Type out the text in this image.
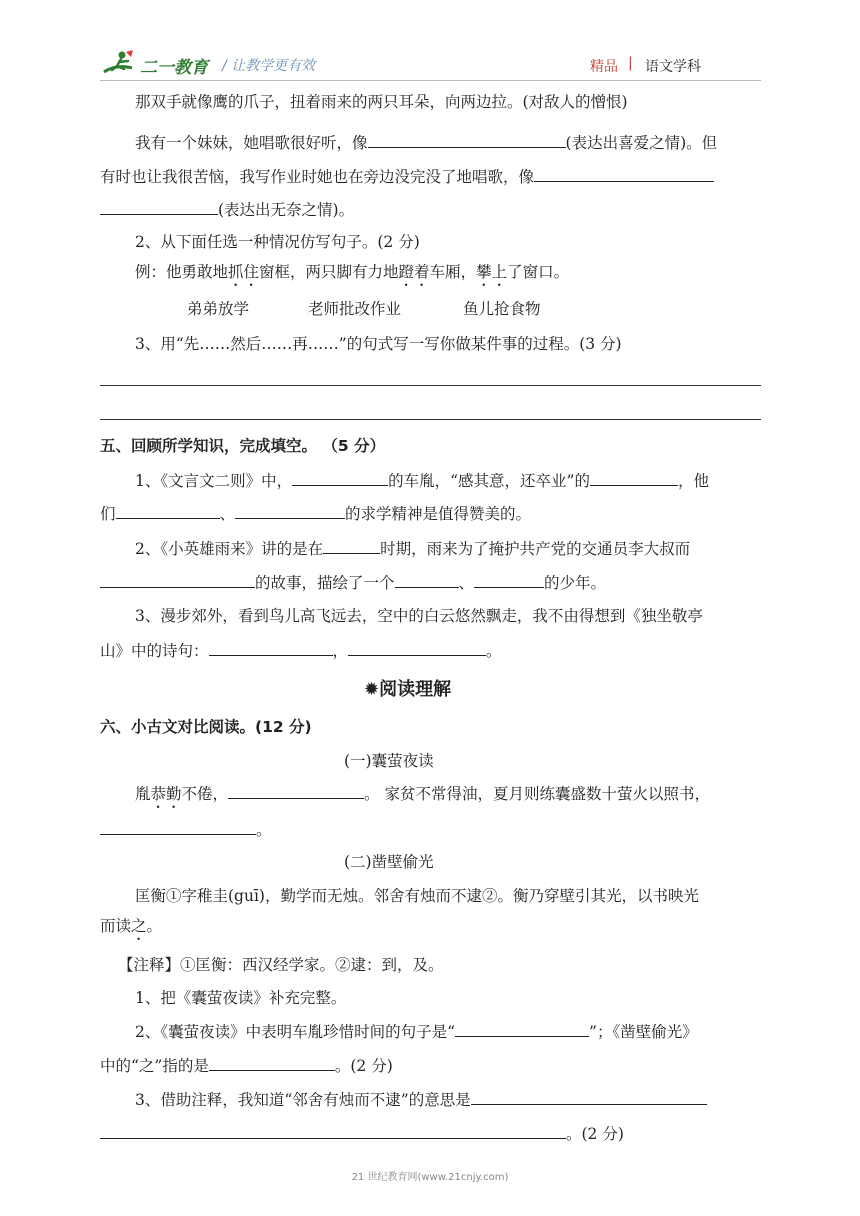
二一教育 / 让教学更有效	精品 | 语文学科
那双手就像鹰的爪子，扭着雨来的两只耳朵，向两边拉。(对敌人的憎恨)
我有一个妹妹，她唱歌很好听，像	(表达出喜爱之情)。但
有时也让我很苦恼，我写作业时她也在旁边没完没了地唱歌，像
(表达出无奈之情)。
2、从下面任选一种情况仿写句子。(2 分)
例：他勇敢地抓住窗框，两只脚有力地蹬着车厢，攀上了窗口。
弟弟放学	老师批改作业	鱼儿抢食物
3、用“先……然后……再……”的句式写一写你做某件事的过程。(3 分)
五、回顾所学知识，完成填空。 （5 分）
1、《文言文二则》中，	的车胤，“感其意，还卒业”的	，他
们	、	的求学精神是值得赞美的。
2、《小英雄雨来》讲的是在	时期，雨来为了掩护共产党的交通员李大叔而
的故事，描绘了一个	、	的少年。
3、漫步郊外，看到鸟儿高飞远去，空中的白云悠然飘走，我不由得想到《独坐敬亭
山》中的诗句：	，	。
✹阅读理解
六、小古文对比阅读。(12 分)
(一)囊萤夜读
胤恭勤不倦，	。 家贫不常得油，夏月则练囊盛数十萤火以照书，
。
(二)凿壁偷光
匡衡①字稚圭(guī)，勤学而无烛。邻舍有烛而不逮②。衡乃穿壁引其光，以书映光
而读之。
【注释】①匡衡：西汉经学家。②逮：到，及。
1、把《囊萤夜读》补充完整。
2、《囊萤夜读》中表明车胤珍惜时间的句子是“	”；《凿壁偷光》
中的“之”指的是	。(2 分)
3、借助注释，我知道“邻舍有烛而不逮”的意思是
。(2 分)
21 世纪教育网(www.21cnjy.com)
